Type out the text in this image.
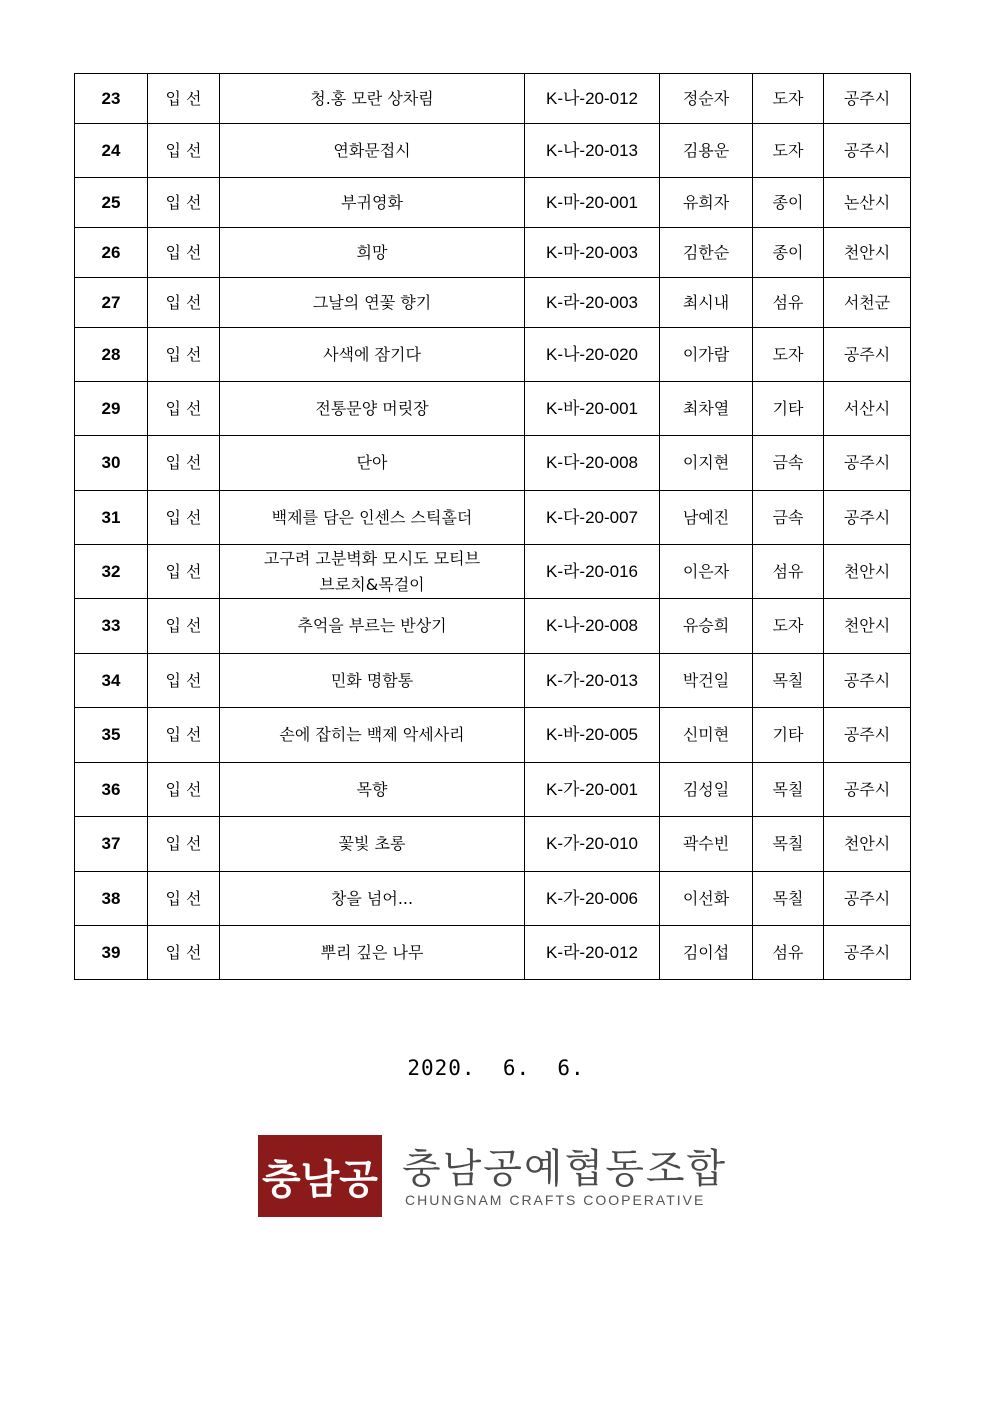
23	입 선	청.홍 모란 상차림	K-나-20-012	정순자	도자	공주시
24	입 선	연화문접시	K-나-20-013	김용운	도자	공주시
25	입 선	부귀영화	K-마-20-001	유희자	종이	논산시
26	입 선	희망	K-마-20-003	김한순	종이	천안시
27	입 선	그날의 연꽃 향기	K-라-20-003	최시내	섬유	서천군
28	입 선	사색에 잠기다	K-나-20-020	이가람	도자	공주시
29	입 선	전통문양 머릿장	K-바-20-001	최차열	기타	서산시
30	입 선	단아	K-다-20-008	이지현	금속	공주시
31	입 선	백제를 담은 인센스 스틱홀더	K-다-20-007	남예진	금속	공주시
32	입 선	고구려 고분벽화 모시도 모티브
브로치&목걸이	K-라-20-016	이은자	섬유	천안시
33	입 선	추억을 부르는 반상기	K-나-20-008	유승희	도자	천안시
34	입 선	민화 명함통	K-가-20-013	박건일	목칠	공주시
35	입 선	손에 잡히는 백제 악세사리	K-바-20-005	신미현	기타	공주시
36	입 선	목향	K-가-20-001	김성일	목칠	공주시
37	입 선	꽃빛 초롱	K-가-20-010	곽수빈	목칠	천안시
38	입 선	창을 넘어...	K-가-20-006	이선화	목칠	공주시
39	입 선	뿌리 깊은 나무	K-라-20-012	김이섭	섬유	공주시
2020.  6.  6.
충남공 충남공예협동조합
CHUNGNAM CRAFTS COOPERATIVE
